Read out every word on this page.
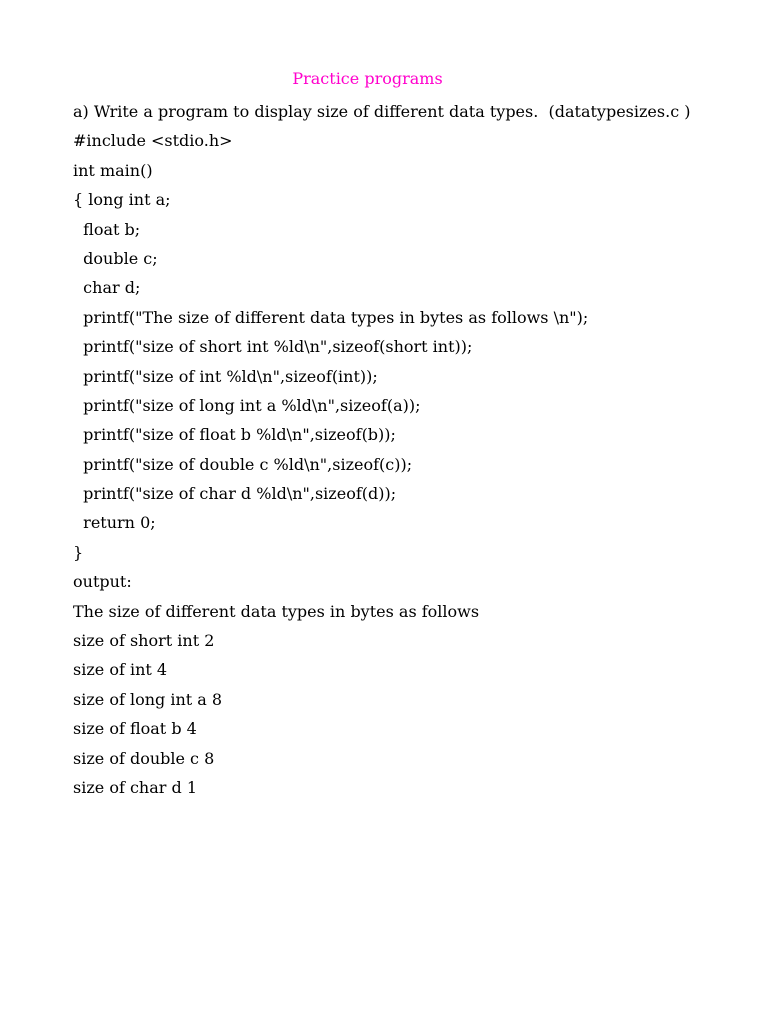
Practice programs
a) Write a program to display size of different data types.  (datatypesizes.c )
#include <stdio.h>
int main()
{ long int a;
float b;
double c;
char d;
printf("The size of different data types in bytes as follows \n");
printf("size of short int %ld\n",sizeof(short int));
printf("size of int %ld\n",sizeof(int));
printf("size of long int a %ld\n",sizeof(a));
printf("size of float b %ld\n",sizeof(b));
printf("size of double c %ld\n",sizeof(c));
printf("size of char d %ld\n",sizeof(d));
return 0;
}
output:
The size of different data types in bytes as follows
size of short int 2
size of int 4
size of long int a 8
size of float b 4
size of double c 8
size of char d 1
